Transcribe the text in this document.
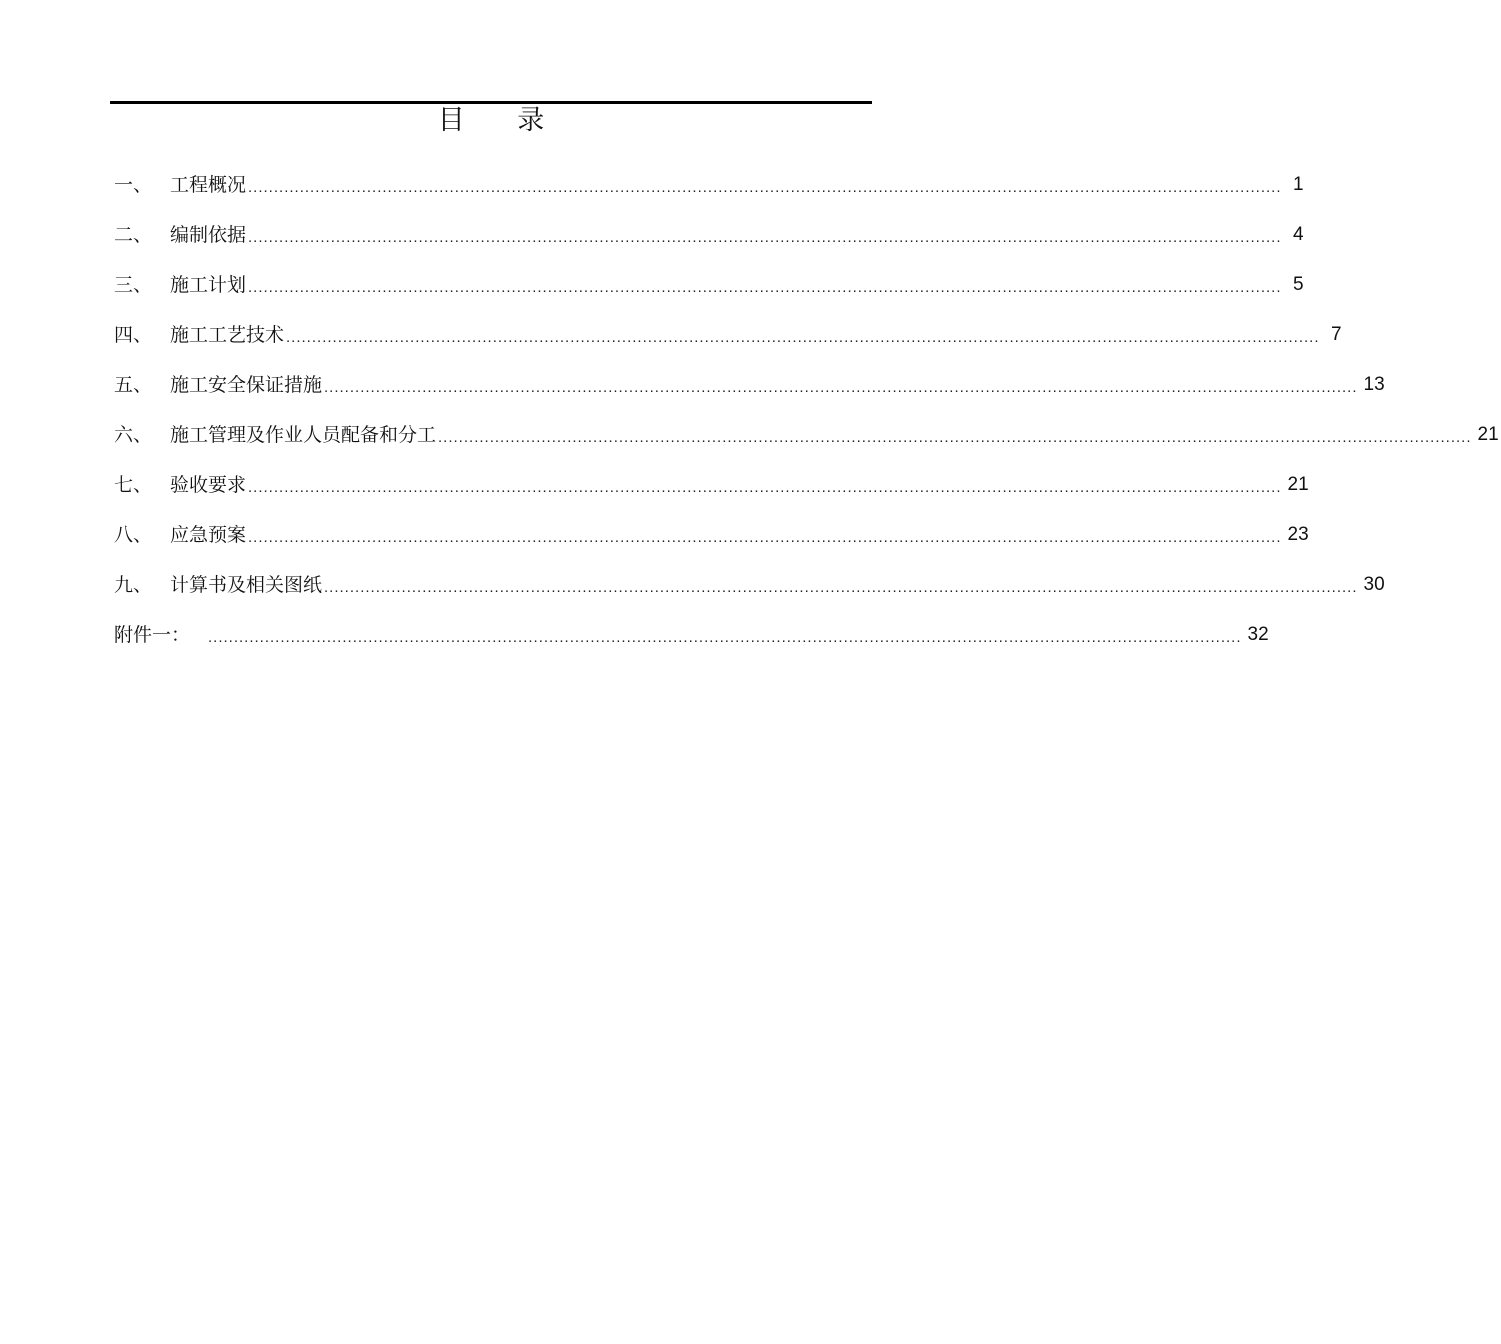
目 录
一、 工程概况 ........................................................................................................................................................................................................ 1
二、 编制依据 ........................................................................................................................................................................................................ 4
三、 施工计划 ........................................................................................................................................................................................................ 5
四、 施工工艺技术 ........................................................................................................................................................................................................ 7
五、 施工安全保证措施 ........................................................................................................................................................................................................ 13
六、 施工管理及作业人员配备和分工 ........................................................................................................................................................................................................ 21
七、 验收要求 ........................................................................................................................................................................................................ 21
八、 应急预案 ........................................................................................................................................................................................................ 23
九、 计算书及相关图纸 ........................................................................................................................................................................................................ 30
附件一：	........................................................................................................................................................................................................ 32
